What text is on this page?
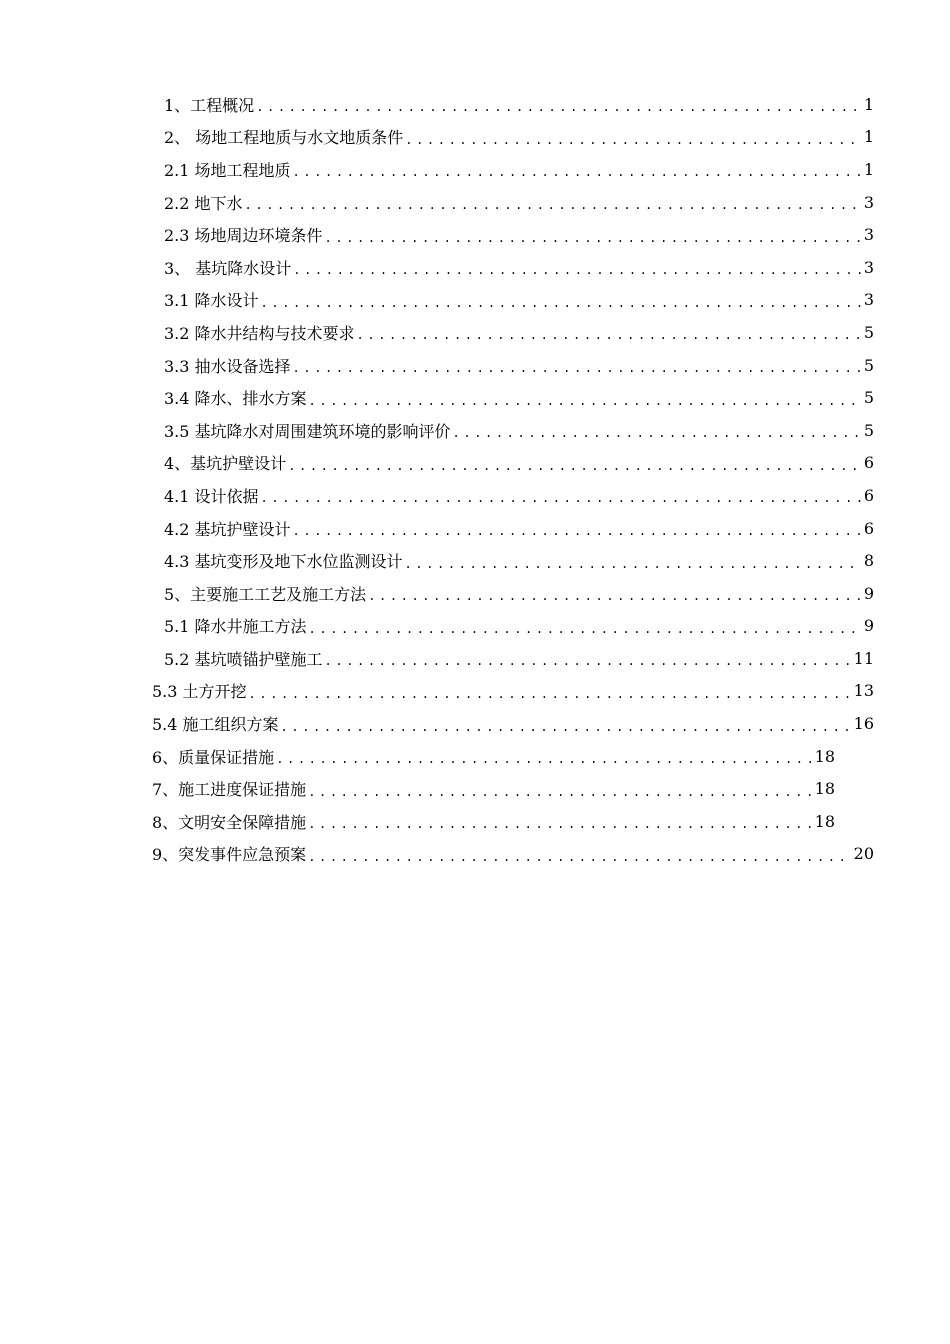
1、工程概况 .....	1
2、 场地工程地质与水文地质条件 .....	1
2.1 场地工程地质 .....	1
2.2 地下水 .....	3
2.3 场地周边环境条件 .....	3
3、 基坑降水设计 .....	3
3.1 降水设计 .....	3
3.2 降水井结构与技术要求 .....	5
3.3 抽水设备选择 .....	5
3.4 降水、排水方案 .....	5
3.5 基坑降水对周围建筑环境的影响评价 .....	5
4、基坑护壁设计 .....	6
4.1 设计依据 .....	6
4.2 基坑护壁设计 .....	6
4.3 基坑变形及地下水位监测设计 .....	8
5、主要施工工艺及施工方法 .....	9
5.1 降水井施工方法 .....	9
5.2 基坑喷锚护壁施工 .....	11
5.3 土方开挖 .....	13
5.4 施工组织方案 .....	16
6、质量保证措施 .....	18
7、施工进度保证措施 .....	18
8、文明安全保障措施 .....	18
9、突发事件应急预案 .....	20
